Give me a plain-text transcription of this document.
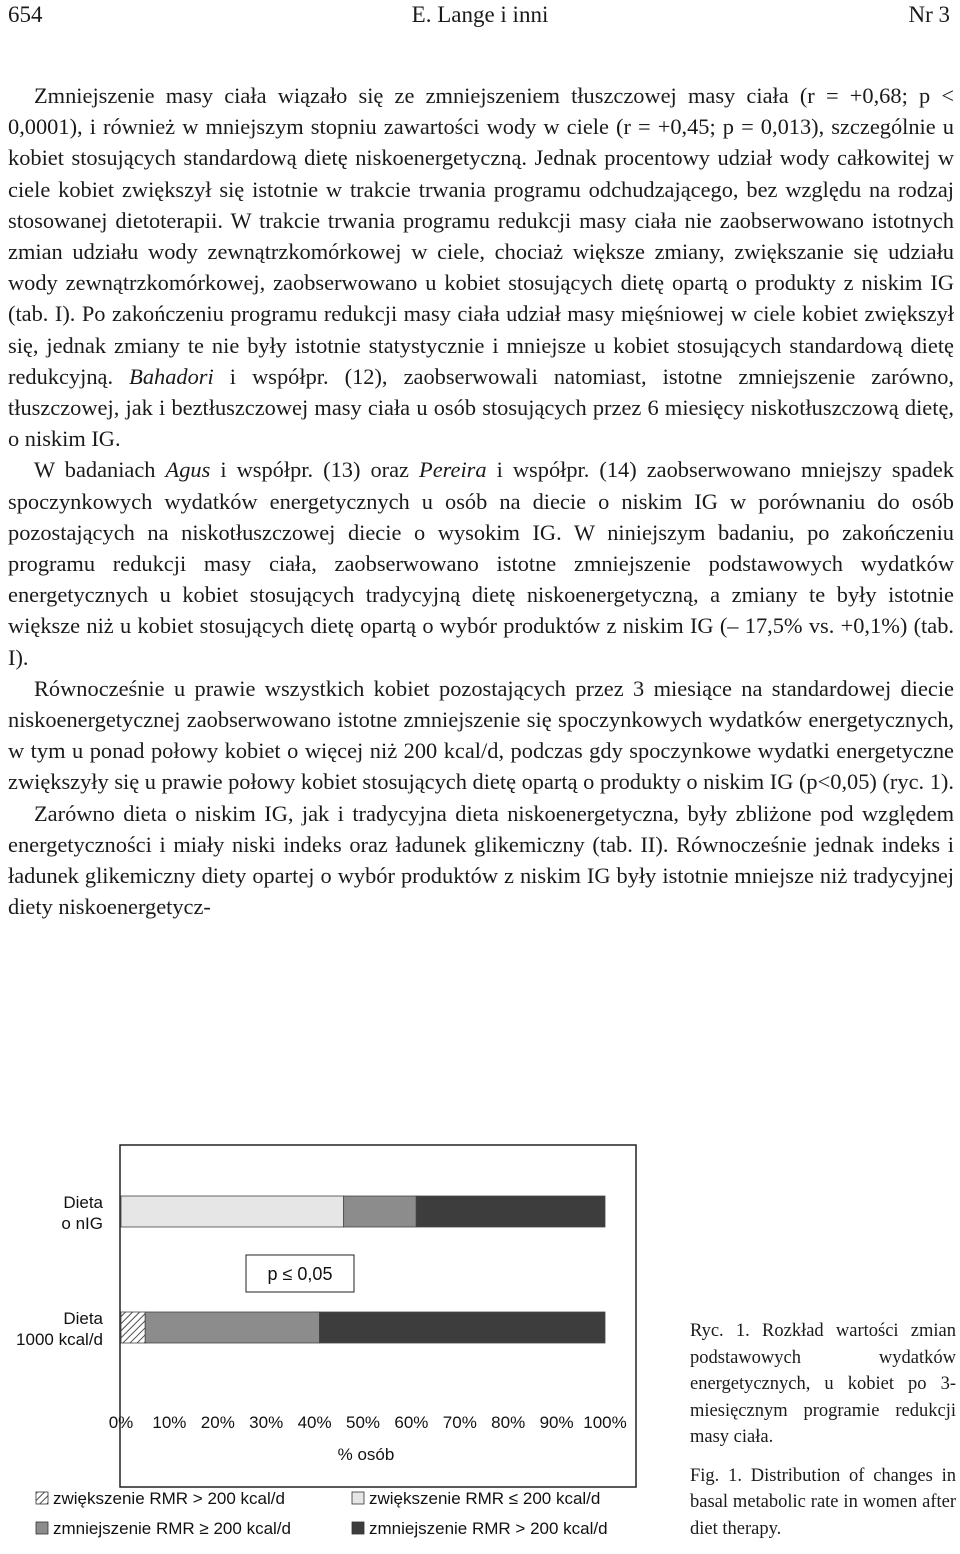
654	E. Lange i inni	Nr 3

Zmniejszenie masy ciała wiązało się ze zmniejszeniem tłuszczowej masy ciała (r = +0,68; p < 0,0001), i również w mniejszym stopniu zawartości wody w ciele (r = +0,45; p = 0,013), szczególnie u kobiet stosujących standardową dietę niskoenergetyczną. Jednak procentowy udział wody całkowitej w ciele kobiet zwiększył się istotnie w trakcie trwania programu odchudzającego, bez względu na rodzaj stosowanej dietoterapii. W trakcie trwania programu redukcji masy ciała nie zaobserwowano istotnych zmian udziału wody zewnątrzkomórkowej w ciele, chociaż większe zmiany, zwiększanie się udziału wody zewnątrzkomórkowej, zaobserwowano u kobiet stosujących dietę opartą o produkty z niskim IG (tab. I). Po zakończeniu programu redukcji masy ciała udział masy mięśniowej w ciele kobiet zwiększył się, jednak zmiany te nie były istotnie statystycznie i mniejsze u kobiet stosujących standardową dietę redukcyjną. Bahadori i współpr. (12), zaobserwowali natomiast, istotne zmniejszenie zarówno, tłuszczowej, jak i beztłuszczowej masy ciała u osób stosujących przez 6 miesięcy niskotłuszczową dietę, o niskim IG.

W badaniach Agus i współpr. (13) oraz Pereira i współpr. (14) zaobserwowano mniejszy spadek spoczynkowych wydatków energetycznych u osób na diecie o niskim IG w porównaniu do osób pozostających na niskotłuszczowej diecie o wysokim IG. W niniejszym badaniu, po zakończeniu programu redukcji masy ciała, zaobserwowano istotne zmniejszenie podstawowych wydatków energetycznych u kobiet stosujących tradycyjną dietę niskoenergetyczną, a zmiany te były istotnie większe niż u kobiet stosujących dietę opartą o wybór produktów z niskim IG (– 17,5% vs. +0,1%) (tab. I).

Równocześnie u prawie wszystkich kobiet pozostających przez 3 miesiące na standardowej diecie niskoenergetycznej zaobserwowano istotne zmniejszenie się spoczynkowych wydatków energetycznych, w tym u ponad połowy kobiet o więcej niż 200 kcal/d, podczas gdy spoczynkowe wydatki energetyczne zwiększyły się u prawie połowy kobiet stosujących dietę opartą o produkty o niskim IG (p<0,05) (ryc. 1).

Zarówno dieta o niskim IG, jak i tradycyjna dieta niskoenergetyczna, były zbliżone pod względem energetyczności i miały niski indeks oraz ładunek glikemiczny (tab. II). Równocześnie jednak indeks i ładunek glikemiczny diety opartej o wybór produktów z niskim IG były istotnie mniejsze niż tradycyjnej diety niskoenergetycz-

Dieta
o nIG
Dieta
1000 kcal/d
p ≤ 0,05
0% 10% 20% 30% 40% 50% 60% 70% 80% 90% 100%
% osób
zwiększenie RMR > 200 kcal/d	zwiększenie RMR ≤ 200 kcal/d
zmniejszenie RMR ≥ 200 kcal/d	zmniejszenie RMR > 200 kcal/d

Ryc. 1. Rozkład wartości zmian podstawowych wydatków energetycznych, u kobiet po 3-miesięcznym programie redukcji masy ciała.

Fig. 1. Distribution of changes in basal metabolic rate in women after diet therapy.
